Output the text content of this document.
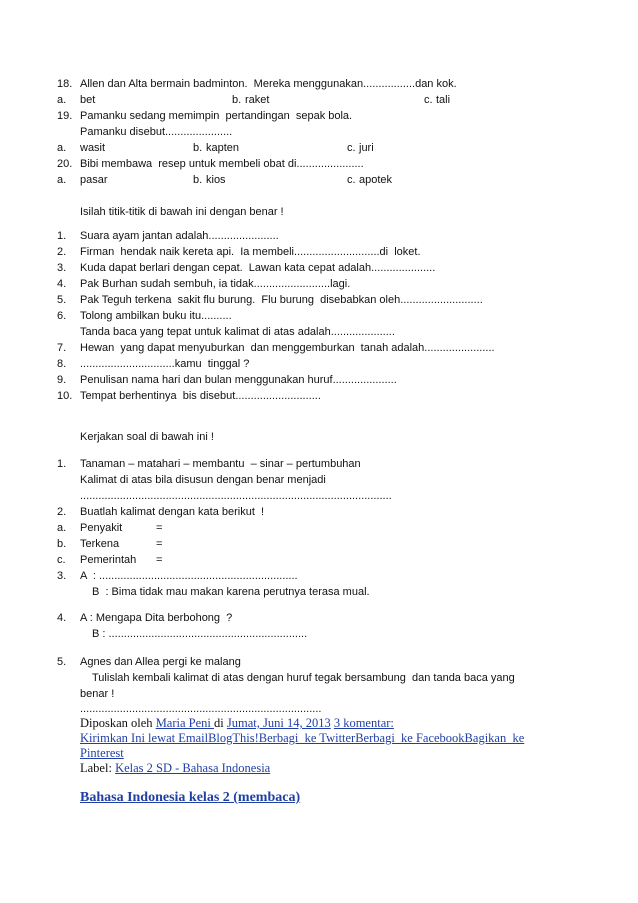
18. Allen dan Alta bermain badminton.  Mereka menggunakan.................dan kok.
a. bet	b. raket	c. tali
19. Pamanku sedang memimpin  pertandingan  sepak bola.
Pamanku disebut......................
a. wasit	b. kapten	c. juri
20. Bibi membawa  resep untuk membeli obat di......................
a. pasar	b. kios	c. apotek
Isilah titik-titik di bawah ini dengan benar !
1. Suara ayam jantan adalah.......................
2. Firman  hendak naik kereta api.  Ia membeli............................di  loket.
3. Kuda dapat berlari dengan cepat.  Lawan kata cepat adalah.....................
4. Pak Burhan sudah sembuh, ia tidak.........................lagi.
5. Pak Teguh terkena  sakit flu burung.  Flu burung  disebabkan oleh...........................
6. Tolong ambilkan buku itu..........
Tanda baca yang tepat untuk kalimat di atas adalah.....................
7. Hewan  yang dapat menyuburkan  dan menggemburkan  tanah adalah.......................
8. ...............................kamu  tinggal ?
9. Penulisan nama hari dan bulan menggunakan huruf.....................
10. Tempat berhentinya  bis disebut............................
Kerjakan soal di bawah ini !
1. Tanaman – matahari – membantu  – sinar – pertumbuhan
Kalimat di atas bila disusun dengan benar menjadi
......................................................................................................
2. Buatlah kalimat dengan kata berikut  !
a. Penyakit	=
b. Terkena	=
c. Pemerintah =
3. A  : .................................................................
B  : Bima tidak mau makan karena perutnya terasa mual.
4. A : Mengapa Dita berbohong  ?
B : .................................................................
5. Agnes dan Allea pergi ke malang
Tulislah kembali kalimat di atas dengan huruf tegak bersambung  dan tanda baca yang
benar !
...............................................................................
Diposkan oleh Maria Peni di Jumat, Juni 14, 2013 3 komentar:
Kirimkan Ini lewat EmailBlogThis!Berbagi  ke TwitterBerbagi  ke FacebookBagikan  ke
Pinterest
Label: Kelas 2 SD - Bahasa Indonesia
Bahasa Indonesia kelas 2 (membaca)
